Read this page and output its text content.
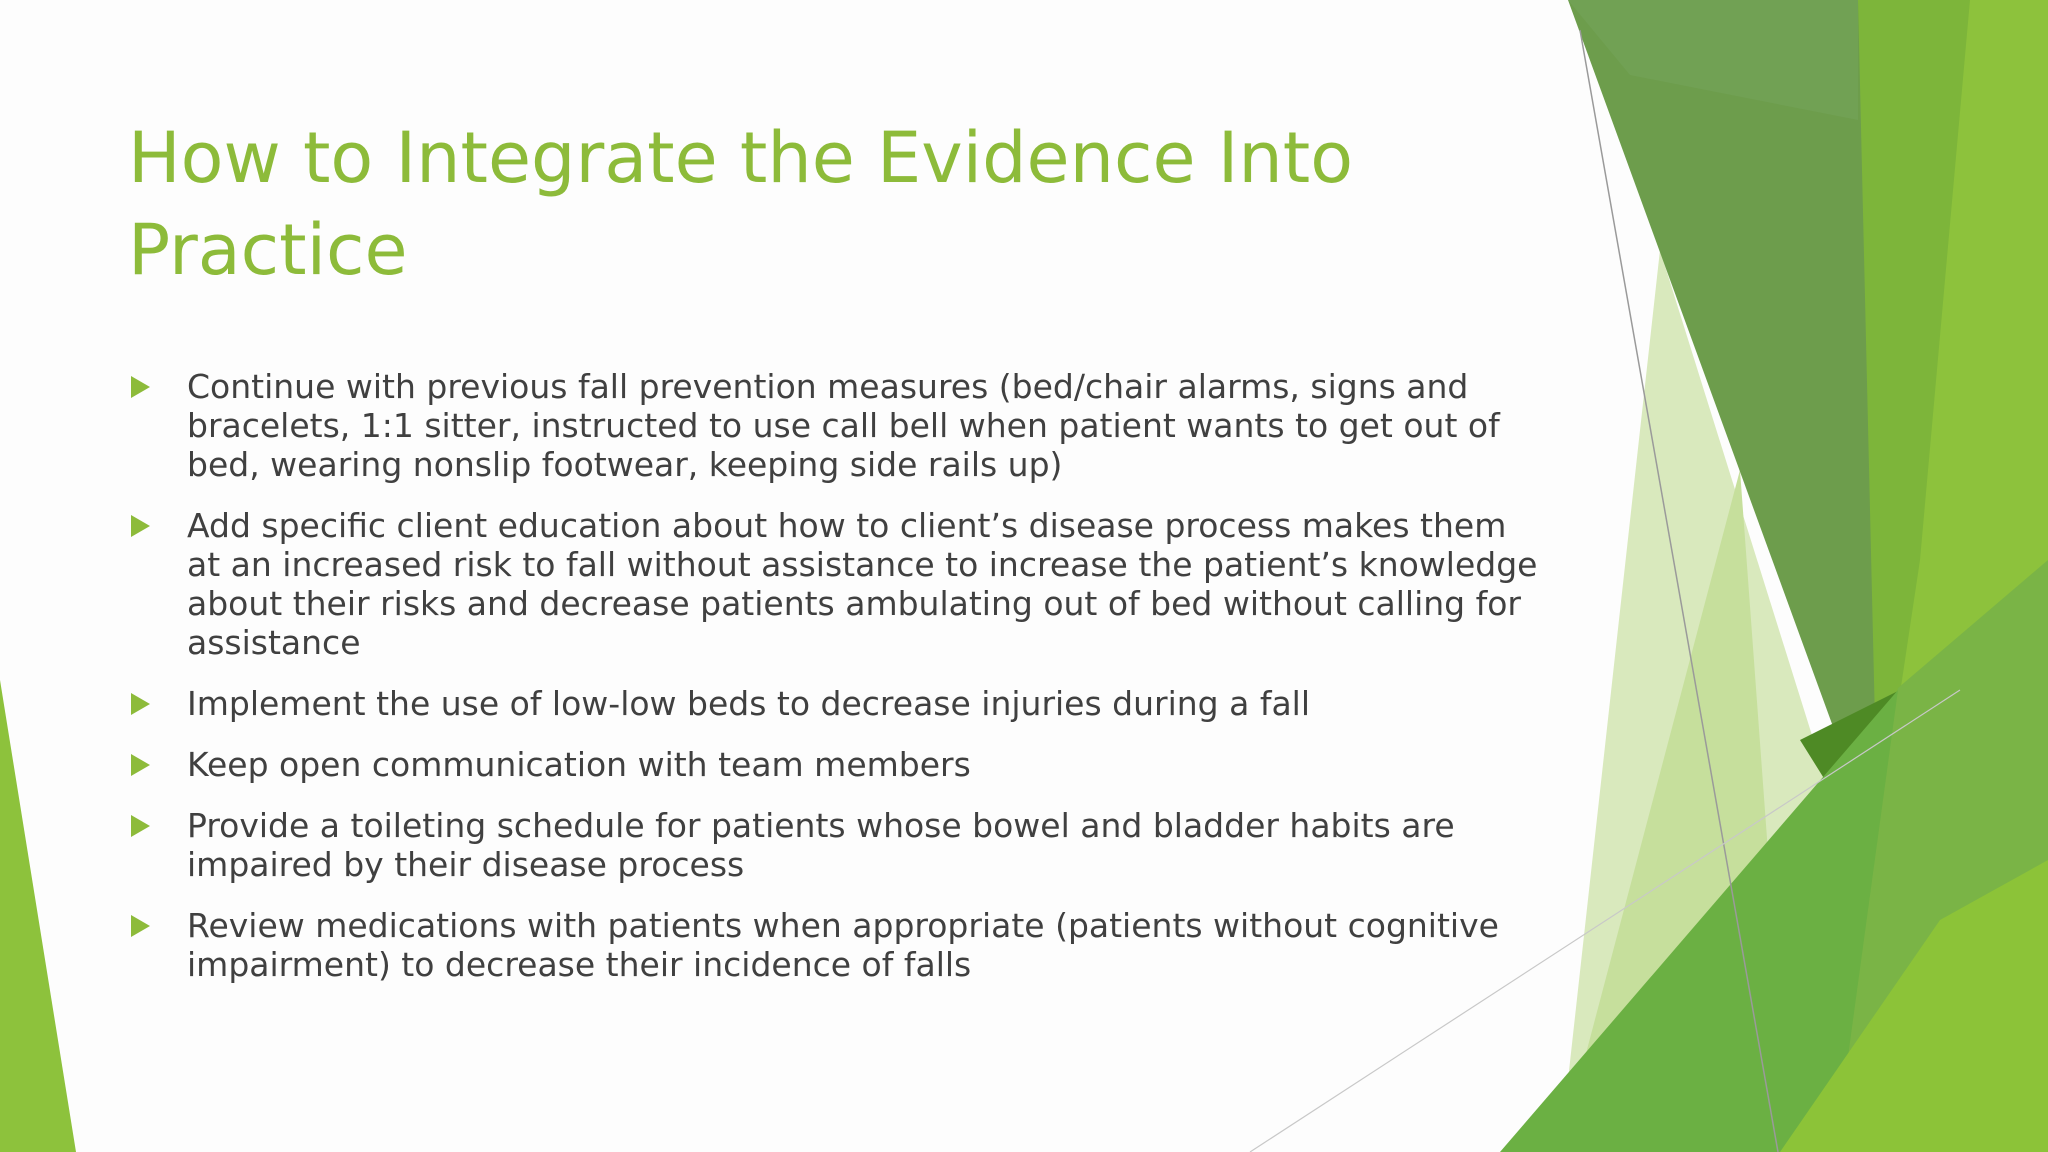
How to Integrate the Evidence Into Practice
Continue with previous fall prevention measures (bed/chair alarms, signs and bracelets, 1:1 sitter, instructed to use call bell when patient wants to get out of bed, wearing nonslip footwear, keeping side rails up)
Add specific client education about how to client’s disease process makes them at an increased risk to fall without assistance to increase the patient’s knowledge about their risks and decrease patients ambulating out of bed without calling for assistance
Implement the use of low-low beds to decrease injuries during a fall
Keep open communication with team members
Provide a toileting schedule for patients whose bowel and bladder habits are impaired by their disease process
Review medications with patients when appropriate (patients without cognitive impairment) to decrease their incidence of falls
